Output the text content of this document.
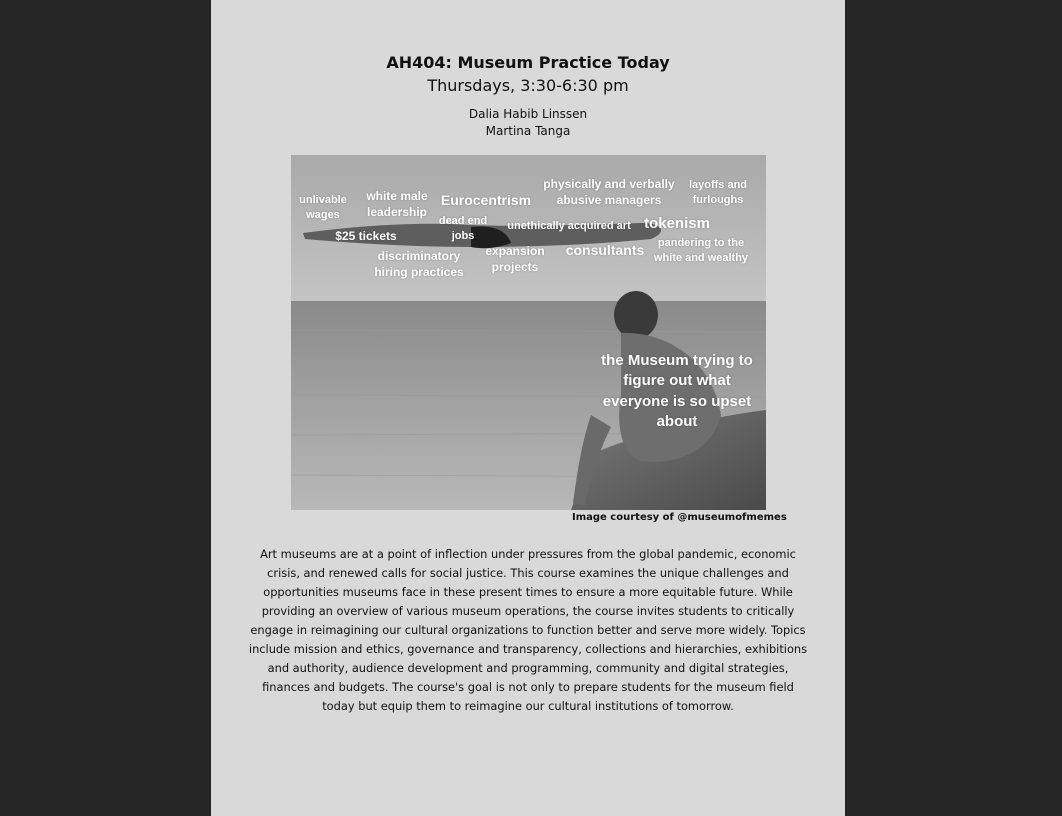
AH404: Museum Practice Today
Thursdays, 3:30-6:30 pm
Dalia Habib Linssen
Martina Tanga
unlivable wages
white male leadership
Eurocentrism
physically and verbally abusive managers
layoffs and furloughs
$25 tickets
dead end jobs
unethically acquired art tokenism
discriminatory hiring practices
expansion projects
consultants	pandering to the white and wealthy
the Museum trying to figure out what everyone is so upset about
Image courtesy of @museumofmemes
Art museums are at a point of inflection under pressures from the global pandemic, economic crisis, and renewed calls for social justice. This course examines the unique challenges and opportunities museums face in these present times to ensure a more equitable future. While providing an overview of various museum operations, the course invites students to critically engage in reimagining our cultural organizations to function better and serve more widely. Topics include mission and ethics, governance and transparency, collections and hierarchies, exhibitions and authority, audience development and programming, community and digital strategies, finances and budgets. The course's goal is not only to prepare students for the museum field today but equip them to reimagine our cultural institutions of tomorrow.
